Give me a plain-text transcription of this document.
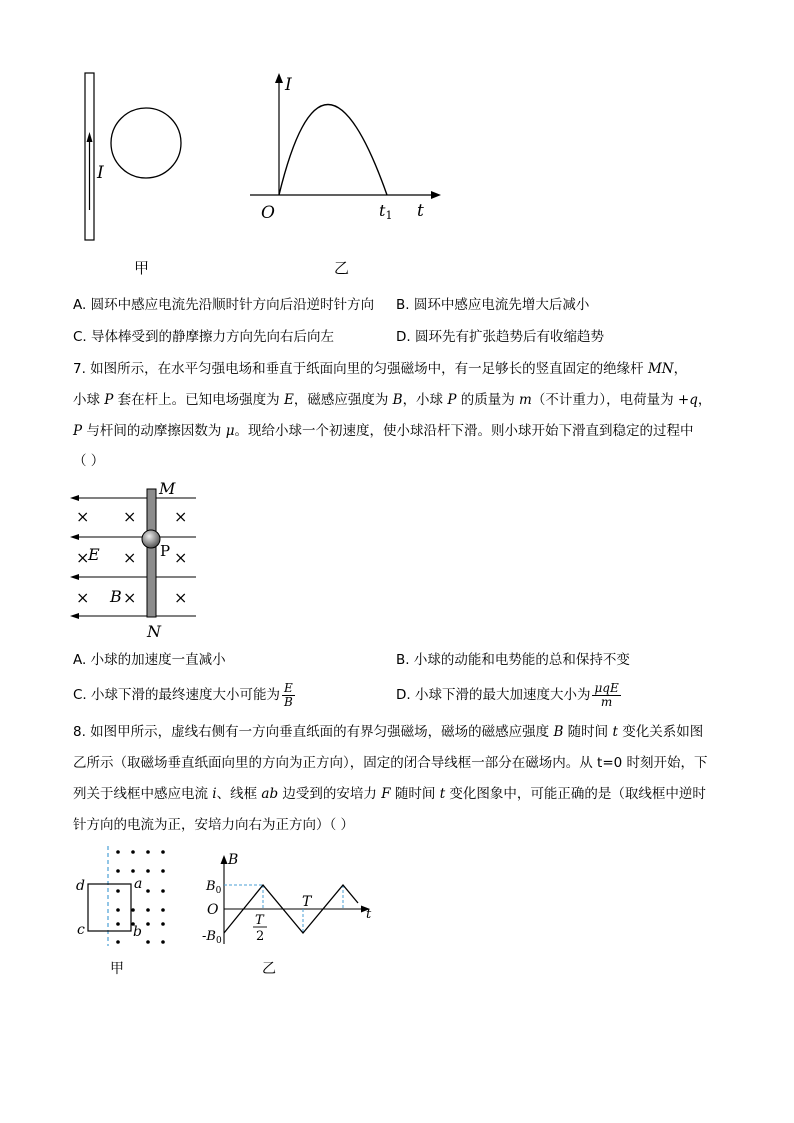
I
甲
I
O	t1 t
乙
A. 圆环中感应电流先沿顺时针方向后沿逆时针方向 B. 圆环中感应电流先增大后减小
C. 导体棒受到的静摩擦力方向先向右后向左	D. 圆环先有扩张趋势后有收缩趋势
7. 如图所示，在水平匀强电场和垂直于纸面向里的匀强磁场中，有一足够长的竖直固定的绝缘杆 MN，
小球 P 套在杆上。已知电场强度为 E，磁感应强度为 B，小球 P 的质量为 m（不计重力），电荷量为 +q，
P 与杆间的动摩擦因数为 μ。现给小球一个初速度，使小球沿杆下滑。则小球开始下滑直到稳定的过程中
（ ）
× × ×
× × ×
× × ×
M
N
P
E
B
A. 小球的加速度一直减小	B. 小球的动能和电势能的总和保持不变
C. 小球下滑的最终速度大小可能为 $\frac{E}{B}$	D. 小球下滑的最大加速度大小为 $\frac{\text{μqE}}{m}$
8. 如图甲所示，虚线右侧有一方向垂直纸面的有界匀强磁场，磁场的磁感应强度 B 随时间 t 变化关系如图
乙所示（取磁场垂直纸面向里的方向为正方向），固定的闭合导线框一部分在磁场内。从 t=0 时刻开始，下
列关于线框中感应电流 i、线框 ab 边受到的安培力 F 随时间 t 变化图象中，可能正确的是（取线框中逆时
针方向的电流为正，安培力向右为正方向）（ ）
a
b
c
d
甲
B
t
O
$B_0$
$-B_0$
T
2
T
乙
